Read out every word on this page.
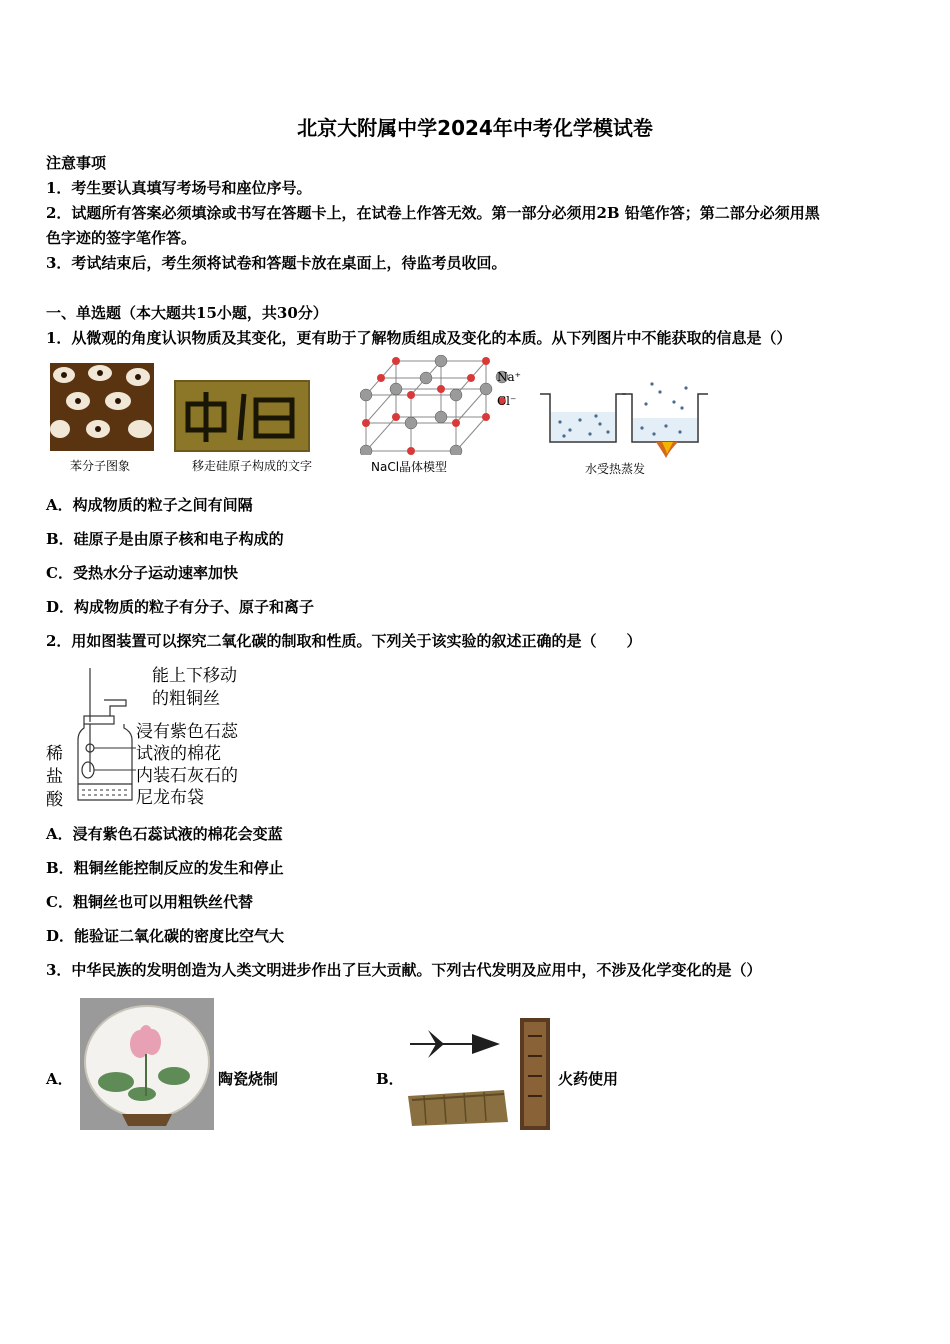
北京大附属中学2024年中考化学模试卷
注意事项
1．考生要认真填写考场号和座位序号。
2．试题所有答案必须填涂或书写在答题卡上，在试卷上作答无效。第一部分必须用2B 铅笔作答；第二部分必须用黑
色字迹的签字笔作答。
3．考试结束后，考生须将试卷和答题卡放在桌面上，待监考员收回。
一、单选题（本大题共15小题，共30分）
1．从微观的角度认识物质及其变化，更有助于了解物质组成及变化的本质。从下列图片中不能获取的信息是（）
苯分子图象	移走硅原子构成的文字
Na⁺
Cl⁻
NaCl晶体模型	水受热蒸发
A．构成物质的粒子之间有间隔
B．硅原子是由原子核和电子构成的
C．受热水分子运动速率加快
D．构成物质的粒子有分子、原子和离子
2．用如图装置可以探究二氧化碳的制取和性质。下列关于该实验的叙述正确的是（　　）
能上下移动
的粗铜丝
浸有紫色石蕊
试液的棉花
内装石灰石的
尼龙布袋
稀
盐
酸
A．浸有紫色石蕊试液的棉花会变蓝
B．粗铜丝能控制反应的发生和停止
C．粗铜丝也可以用粗铁丝代替
D．能验证二氧化碳的密度比空气大
3．中华民族的发明创造为人类文明进步作出了巨大贡献。下列古代发明及应用中，不涉及化学变化的是（）
A．	陶瓷烧制	B．	火药使用
